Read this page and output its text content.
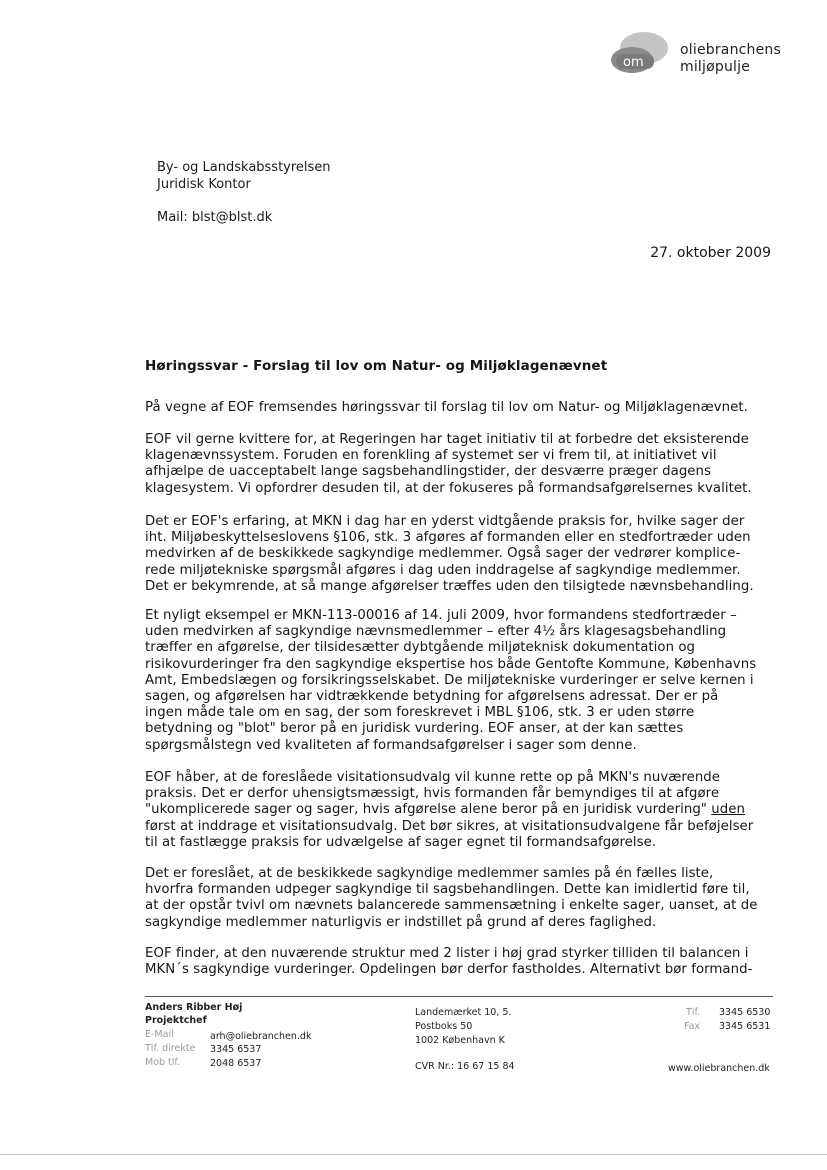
om
oliebranchens
miljøpulje
By- og Landskabsstyrelsen
Juridisk Kontor
Mail: blst@blst.dk
27. oktober 2009
Høringssvar - Forslag til lov om Natur- og Miljøklagenævnet

På vegne af EOF fremsendes høringssvar til forslag til lov om Natur- og Miljøklagenævnet.

EOF vil gerne kvittere for, at Regeringen har taget initiativ til at forbedre det eksisterende

klagenævnssystem. Foruden en forenkling af systemet ser vi frem til, at initiativet vil

afhjælpe de uacceptabelt lange sagsbehandlingstider, der desværre præger dagens

klagesystem. Vi opfordrer desuden til, at der fokuseres på formandsafgørelsernes kvalitet.

Det er EOF's erfaring, at MKN i dag har en yderst vidtgående praksis for, hvilke sager der

iht. Miljøbeskyttelseslovens §106, stk. 3 afgøres af formanden eller en stedfortræder uden

medvirken af de beskikkede sagkyndige medlemmer. Også sager der vedrører komplice-

rede miljøtekniske spørgsmål afgøres i dag uden inddragelse af sagkyndige medlemmer.

Det er bekymrende, at så mange afgørelser træffes uden den tilsigtede nævnsbehandling.

Et nyligt eksempel er MKN-113-00016 af 14. juli 2009, hvor formandens stedfortræder –

uden medvirken af sagkyndige nævnsmedlemmer – efter 4½ års klagesagsbehandling

træffer en afgørelse, der tilsidesætter dybtgående miljøteknisk dokumentation og

risikovurderinger fra den sagkyndige ekspertise hos både Gentofte Kommune, Københavns

Amt, Embedslægen og forsikringsselskabet. De miljøtekniske vurderinger er selve kernen i

sagen, og afgørelsen har vidtrækkende betydning for afgørelsens adressat. Der er på

ingen måde tale om en sag, der som foreskrevet i MBL §106, stk. 3 er uden større

betydning og "blot" beror på en juridisk vurdering. EOF anser, at der kan sættes

spørgsmålstegn ved kvaliteten af formandsafgørelser i sager som denne.

EOF håber, at de foreslåede visitationsudvalg vil kunne rette op på MKN's nuværende

praksis. Det er derfor uhensigtsmæssigt, hvis formanden får bemyndiges til at afgøre

"ukomplicerede sager og sager, hvis afgørelse alene beror på en juridisk vurdering" uden

først at inddrage et visitationsudvalg. Det bør sikres, at visitationsudvalgene får beføjelser

til at fastlægge praksis for udvælgelse af sager egnet til formandsafgørelse.

Det er foreslået, at de beskikkede sagkyndige medlemmer samles på én fælles liste,

hvorfra formanden udpeger sagkyndige til sagsbehandlingen. Dette kan imidlertid føre til,

at der opstår tvivl om nævnets balancerede sammensætning i enkelte sager, uanset, at de

sagkyndige medlemmer naturligvis er indstillet på grund af deres faglighed.

EOF finder, at den nuværende struktur med 2 lister i høj grad styrker tilliden til balancen i

MKN´s sagkyndige vurderinger. Opdelingen bør derfor fastholdes. Alternativt bør formand-

Anders Ribber Høj
Projektchef
E-Mail	arh@oliebranchen.dk
Tlf. direkte 3345 6537
Mob tlf.	2048 6537
Landemærket 10, 5.
Postboks 50
1002 København K
CVR Nr.: 16 67 15 84
Tlf. 3345 6530
Fax 3345 6531
www.oliebranchen.dk
